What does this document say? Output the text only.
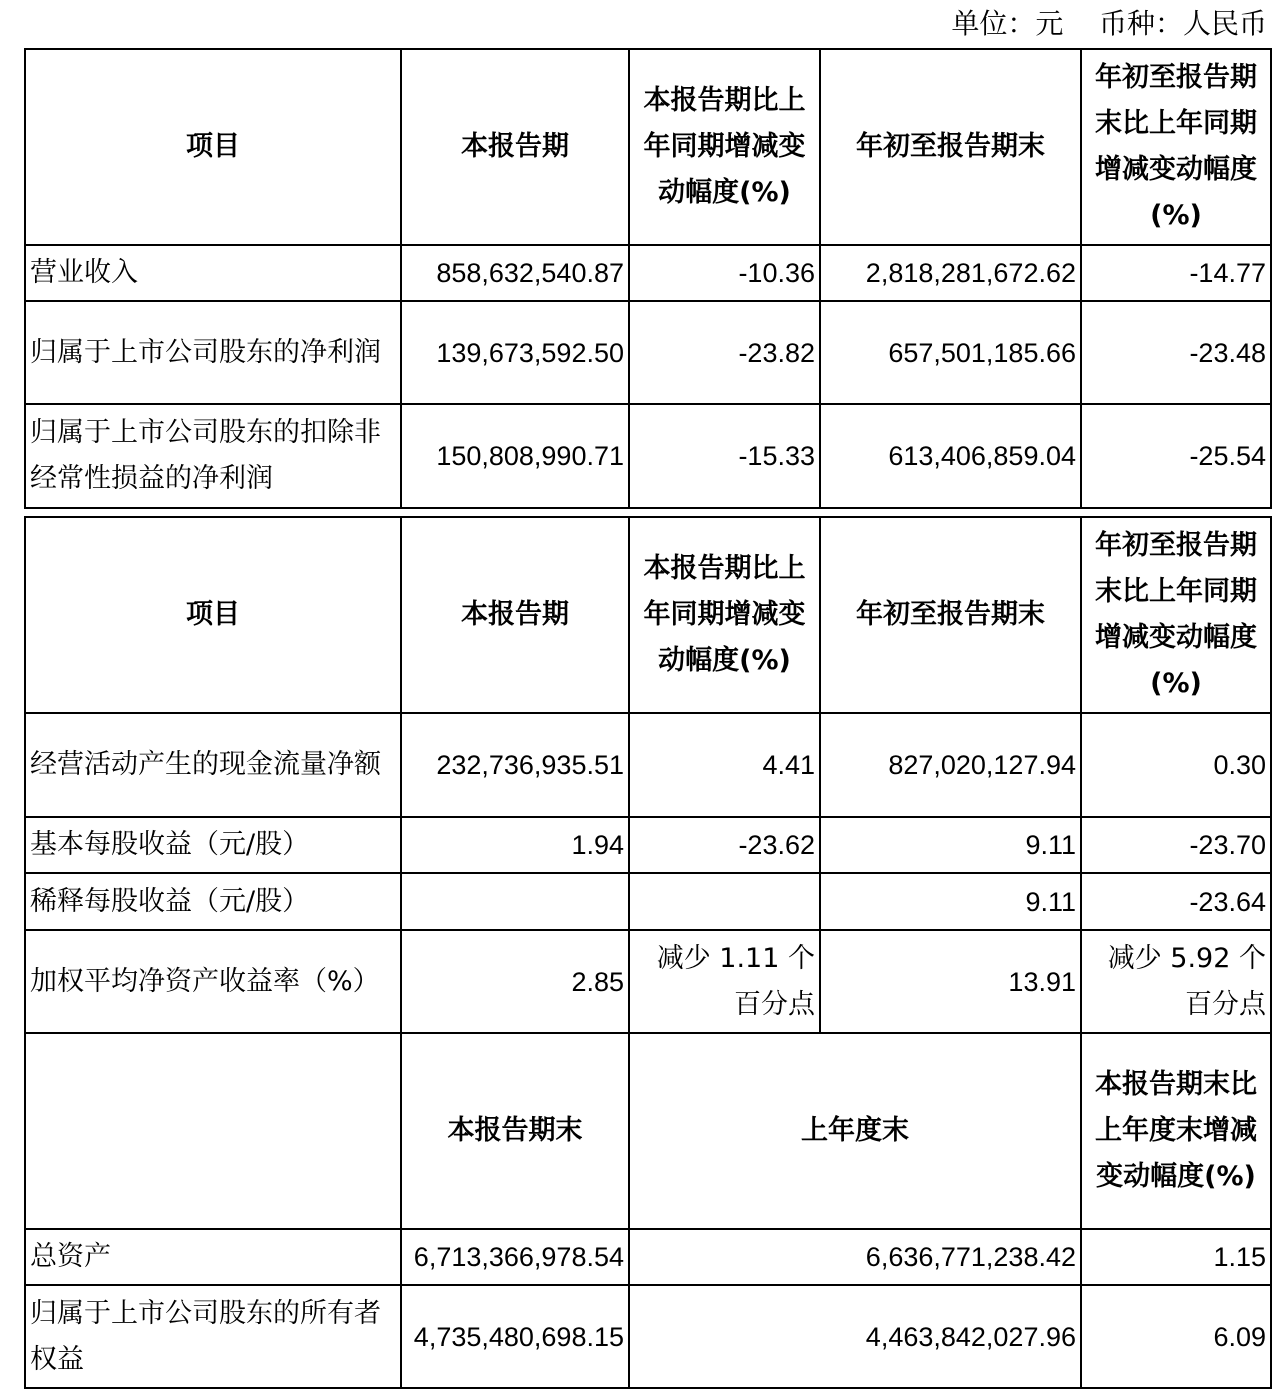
单位：元    币种：人民币
项目	本报告期	本报告期比上年同期增减变动幅度(%)	年初至报告期末	年初至报告期末比上年同期增减变动幅度(%)
营业收入	858,632,540.87	-10.36	2,818,281,672.62	-14.77
归属于上市公司股东的净利润	139,673,592.50	-23.82	657,501,185.66	-23.48
归属于上市公司股东的扣除非经常性损益的净利润	150,808,990.71	-15.33	613,406,859.04	-25.54
项目	本报告期	本报告期比上年同期增减变动幅度(%)	年初至报告期末	年初至报告期末比上年同期增减变动幅度(%)
经营活动产生的现金流量净额	232,736,935.51	4.41	827,020,127.94	0.30
基本每股收益（元/股）	1.94	-23.62	9.11	-23.70
稀释每股收益（元/股）			9.11	-23.64
加权平均净资产收益率（%）	2.85	减少 1.11 个百分点	13.91	减少 5.92 个百分点
	本报告期末	上年度末		本报告期末比上年度末增减变动幅度(%)
总资产	6,713,366,978.54	6,636,771,238.42		1.15
归属于上市公司股东的所有者权益	4,735,480,698.15	4,463,842,027.96		6.09
